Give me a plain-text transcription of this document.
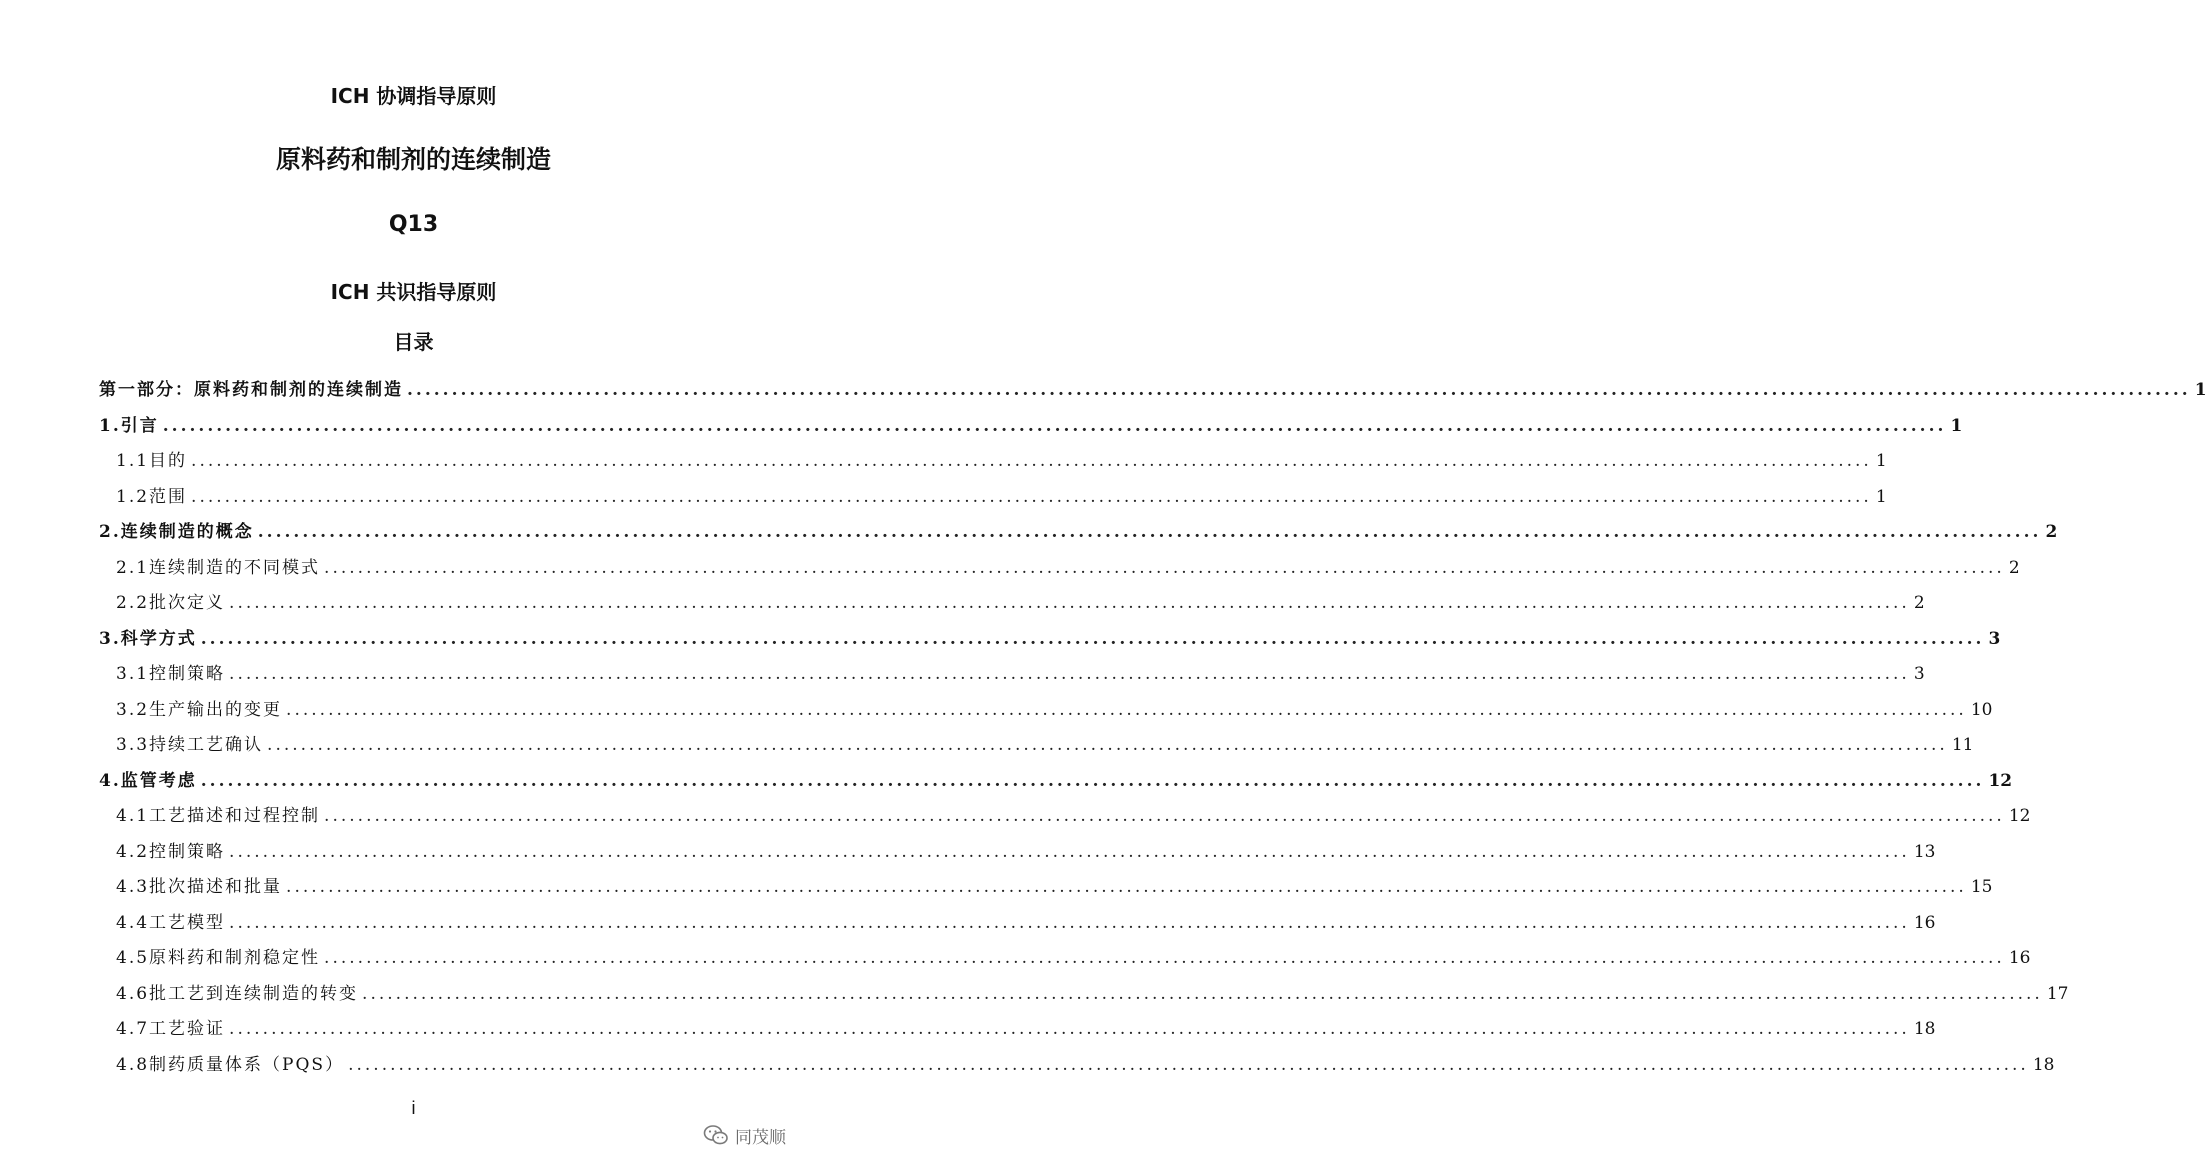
ICH 协调指导原则
原料药和制剂的连续制造
Q13
ICH 共识指导原则
目录
第一部分：原料药和制剂的连续制造 ........................................................................................................................................................................................................ 1
1. 引言 ........................................................................................................................................................................................................ 1
1.1 目的 ........................................................................................................................................................................................................ 1
1.2 范围 ........................................................................................................................................................................................................ 1
2. 连续制造的概念 ........................................................................................................................................................................................................ 2
2.1 连续制造的不同模式 ........................................................................................................................................................................................................ 2
2.2 批次定义 ........................................................................................................................................................................................................ 2
3. 科学方式 ........................................................................................................................................................................................................ 3
3.1 控制策略 ........................................................................................................................................................................................................ 3
3.2 生产输出的变更 ........................................................................................................................................................................................................ 10
3.3 持续工艺确认 ........................................................................................................................................................................................................ 11
4. 监管考虑 ........................................................................................................................................................................................................ 12
4.1 工艺描述和过程控制 ........................................................................................................................................................................................................ 12
4.2 控制策略 ........................................................................................................................................................................................................ 13
4.3 批次描述和批量 ........................................................................................................................................................................................................ 15
4.4 工艺模型 ........................................................................................................................................................................................................ 16
4.5 原料药和制剂稳定性 ........................................................................................................................................................................................................ 16
4.6 批工艺到连续制造的转变 ........................................................................................................................................................................................................ 17
4.7 工艺验证 ........................................................................................................................................................................................................ 18
4.8 制药质量体系（PQS） ........................................................................................................................................................................................................ 18
i
同茂顺
